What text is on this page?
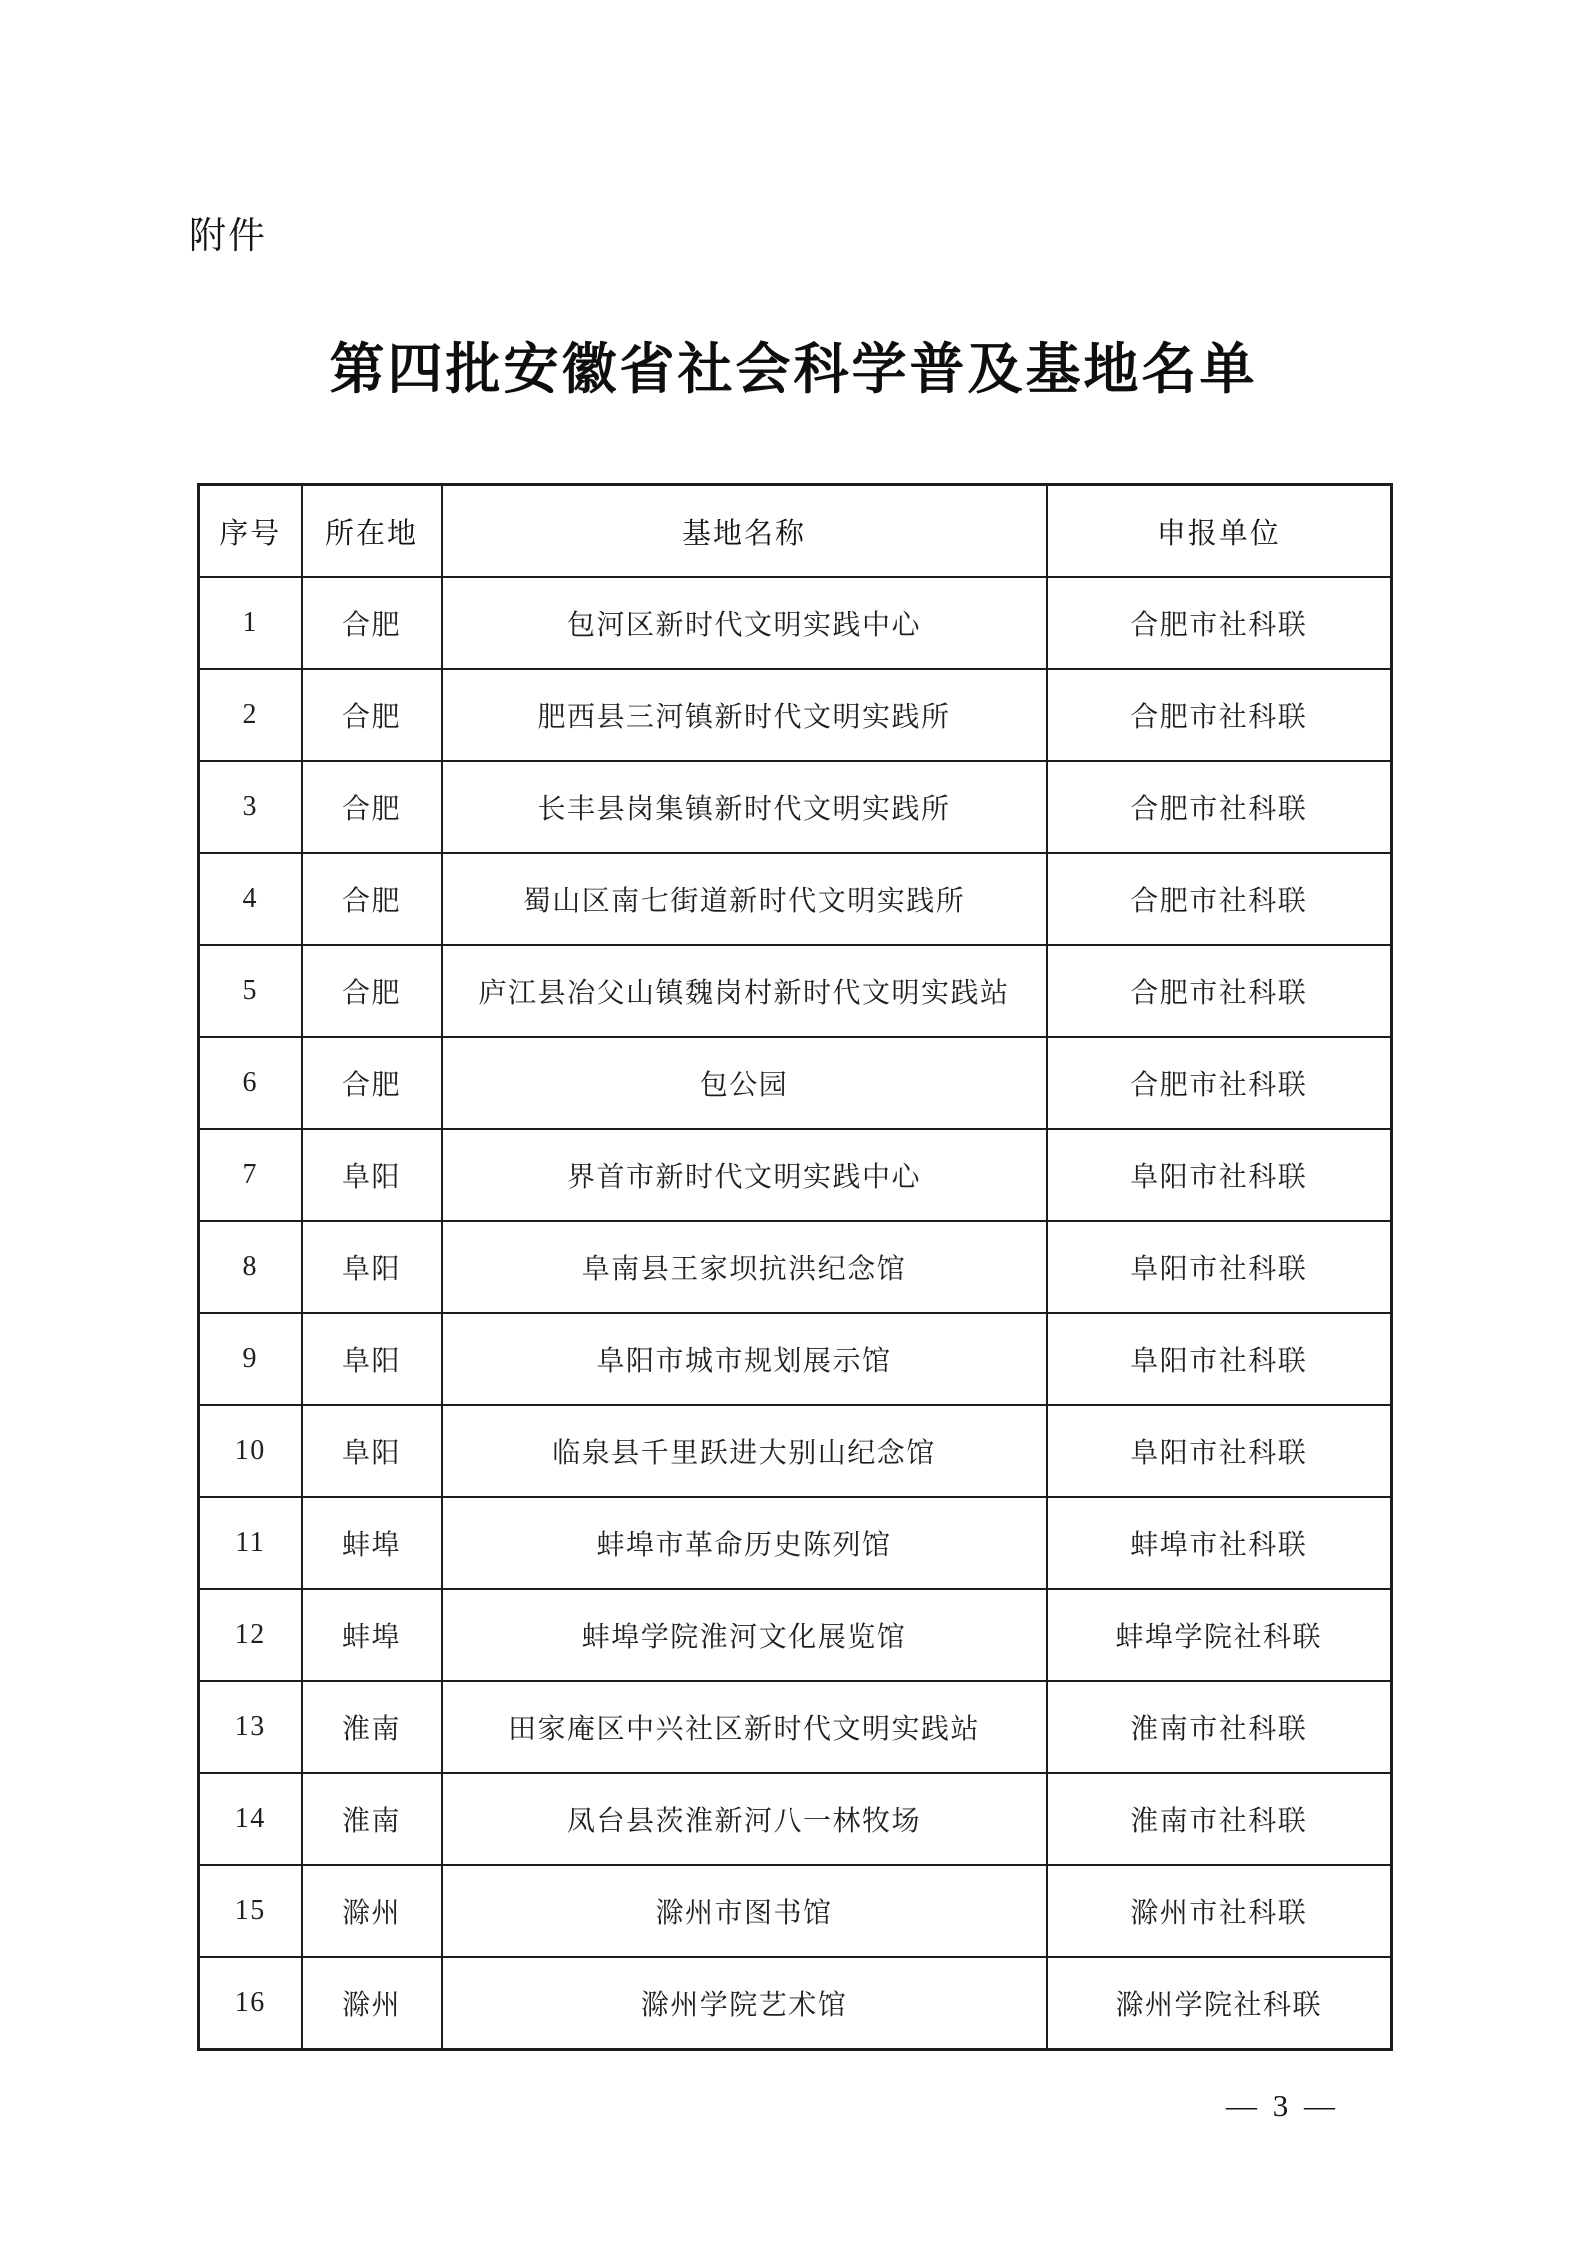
附件
第四批安徽省社会科学普及基地名单
序号	所在地	基地名称	申报单位
1	合肥	包河区新时代文明实践中心	合肥市社科联
2	合肥	肥西县三河镇新时代文明实践所	合肥市社科联
3	合肥	长丰县岗集镇新时代文明实践所	合肥市社科联
4	合肥	蜀山区南七街道新时代文明实践所	合肥市社科联
5	合肥	庐江县冶父山镇魏岗村新时代文明实践站	合肥市社科联
6	合肥	包公园	合肥市社科联
7	阜阳	界首市新时代文明实践中心	阜阳市社科联
8	阜阳	阜南县王家坝抗洪纪念馆	阜阳市社科联
9	阜阳	阜阳市城市规划展示馆	阜阳市社科联
10	阜阳	临泉县千里跃进大别山纪念馆	阜阳市社科联
11	蚌埠	蚌埠市革命历史陈列馆	蚌埠市社科联
12	蚌埠	蚌埠学院淮河文化展览馆	蚌埠学院社科联
13	淮南	田家庵区中兴社区新时代文明实践站	淮南市社科联
14	淮南	凤台县茨淮新河八一林牧场	淮南市社科联
15	滁州	滁州市图书馆	滁州市社科联
16	滁州	滁州学院艺术馆	滁州学院社科联
— 3 —
